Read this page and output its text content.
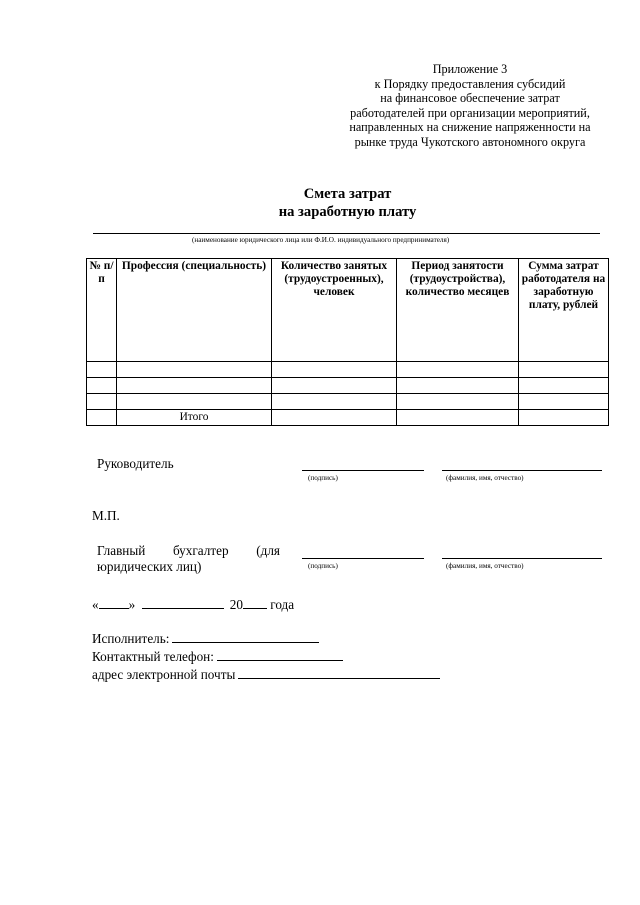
Приложение 3
к Порядку предоставления субсидий
на финансовое обеспечение затрат
работодателей при организации мероприятий,
направленных на снижение напряженности на
рынке труда Чукотского автономного округа
Смета затрат
на заработную плату
(наименование юридического лица или Ф.И.О. индивидуального предпринимателя)
№ п/п	Профессия (специальность)	Количество занятых (трудоустроенных), человек	Период занятости (трудоустройства), количество месяцев	Сумма затрат работодателя на заработную плату, рублей

	Итого			
Руководитель
(подпись)	(фамилия, имя, отчество)
М.П.
Главный бухгалтер (для
юридических лиц)	(подпись)	(фамилия, имя, отчество)
« »	20 года
Исполнитель:
Контактный телефон:
адрес электронной почты
